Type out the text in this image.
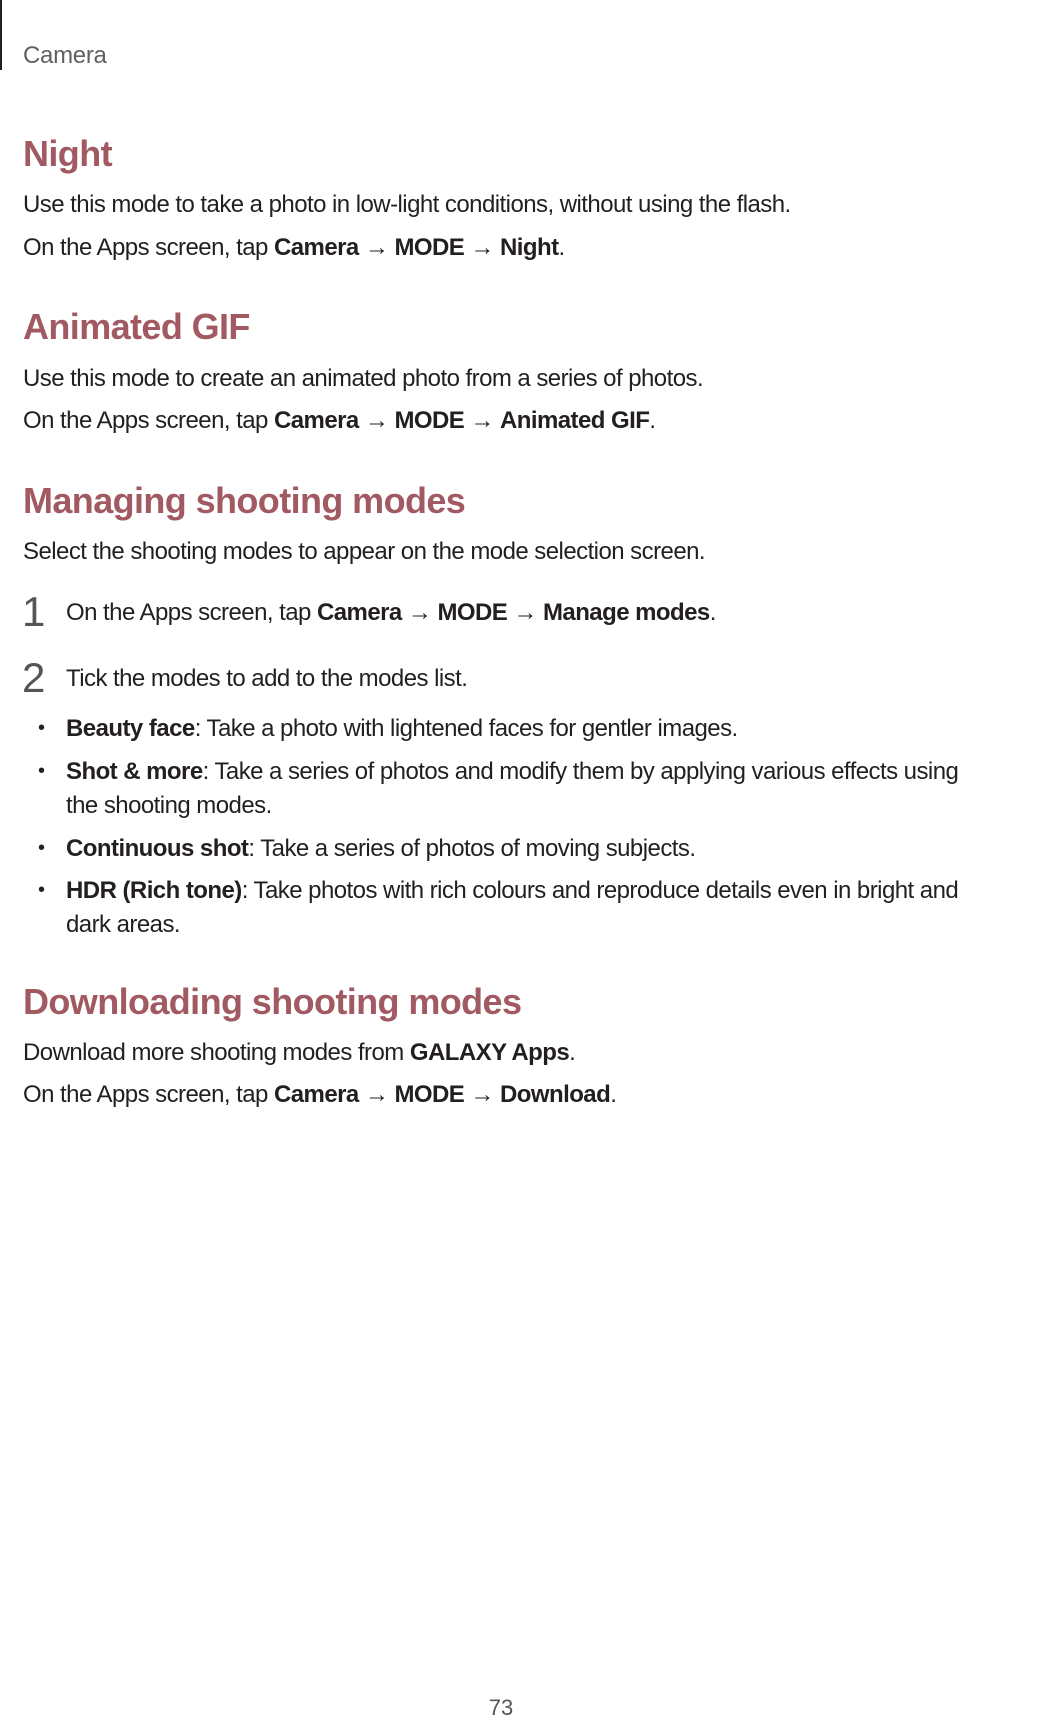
Camera
Night
Use this mode to take a photo in low-light conditions, without using the flash.
On the Apps screen, tap Camera → MODE → Night.
Animated GIF
Use this mode to create an animated photo from a series of photos.
On the Apps screen, tap Camera → MODE → Animated GIF.
Managing shooting modes
Select the shooting modes to appear on the mode selection screen.
1 On the Apps screen, tap Camera → MODE → Manage modes.
2 Tick the modes to add to the modes list.
• Beauty face: Take a photo with lightened faces for gentler images.
• Shot & more: Take a series of photos and modify them by applying various effects using
the shooting modes.
• Continuous shot: Take a series of photos of moving subjects.
• HDR (Rich tone): Take photos with rich colours and reproduce details even in bright and
dark areas.
Downloading shooting modes
Download more shooting modes from GALAXY Apps.
On the Apps screen, tap Camera → MODE → Download.
73
